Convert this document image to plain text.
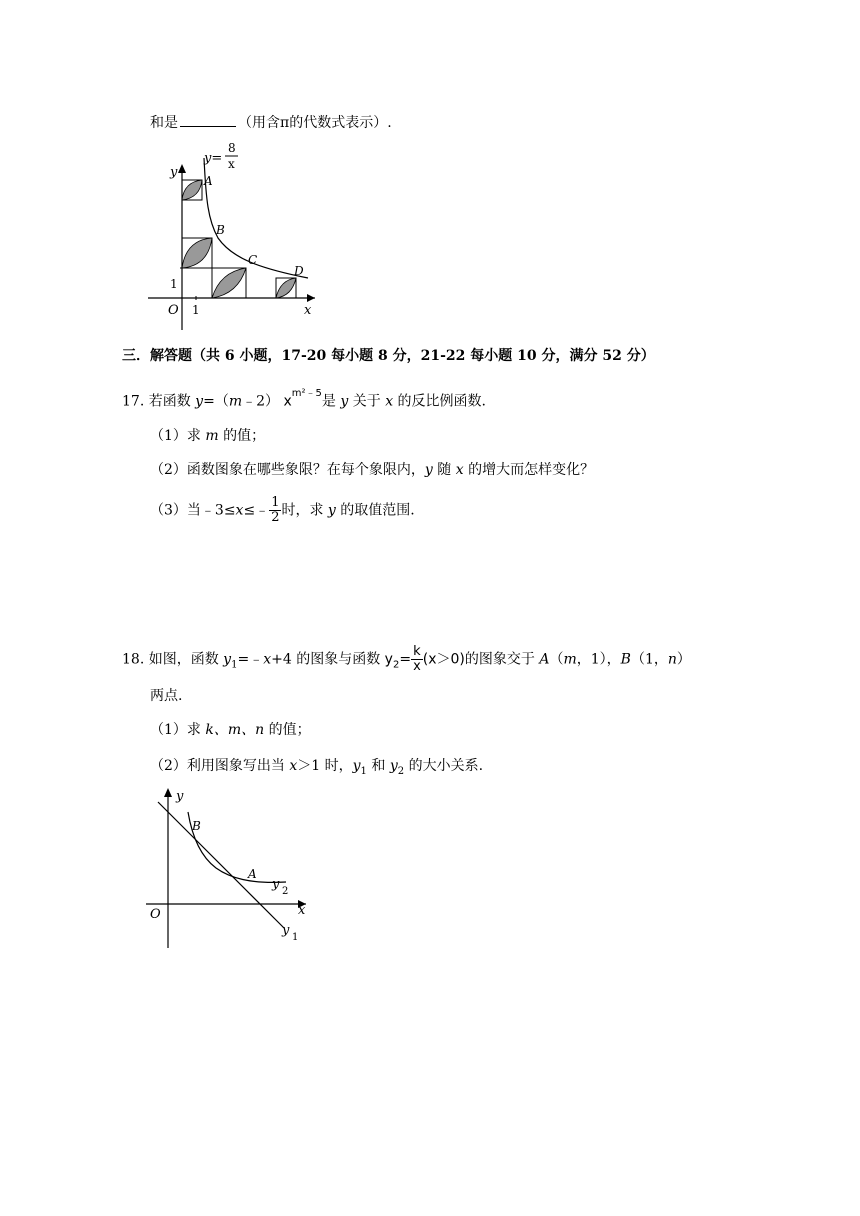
和是	（用含π的代数式表示）.
y=
8
x
y
x
O 1
1
A
B
C
D
三．解答题（共 6 小题，17-20 每小题 8 分，21-22 每小题 10 分，满分 52 分）
17. 若函数 y=（m﹣2） $x^{m^2﹣5}$是 y 关于 x 的反比例函数.
（1）求 m 的值；
（2）函数图象在哪些象限？在每个象限内，y 随 x 的增大而怎样变化？
（3）当﹣3≤x≤﹣ $\frac{1}{2}$ 时，求 y 的取值范围.
18. 如图，函数 $y_1=﹣x+4$ 的图象与函数 $y_2= \frac{k}{x} (x>0)$的图象交于 A（m，1），B（1，n）
两点.
（1）求 k、m、n 的值；
（2）利用图象写出当 x＞1 时，$y_1$ 和 $y_2$ 的大小关系.
y
x
O
B
A
y 2
y 1
